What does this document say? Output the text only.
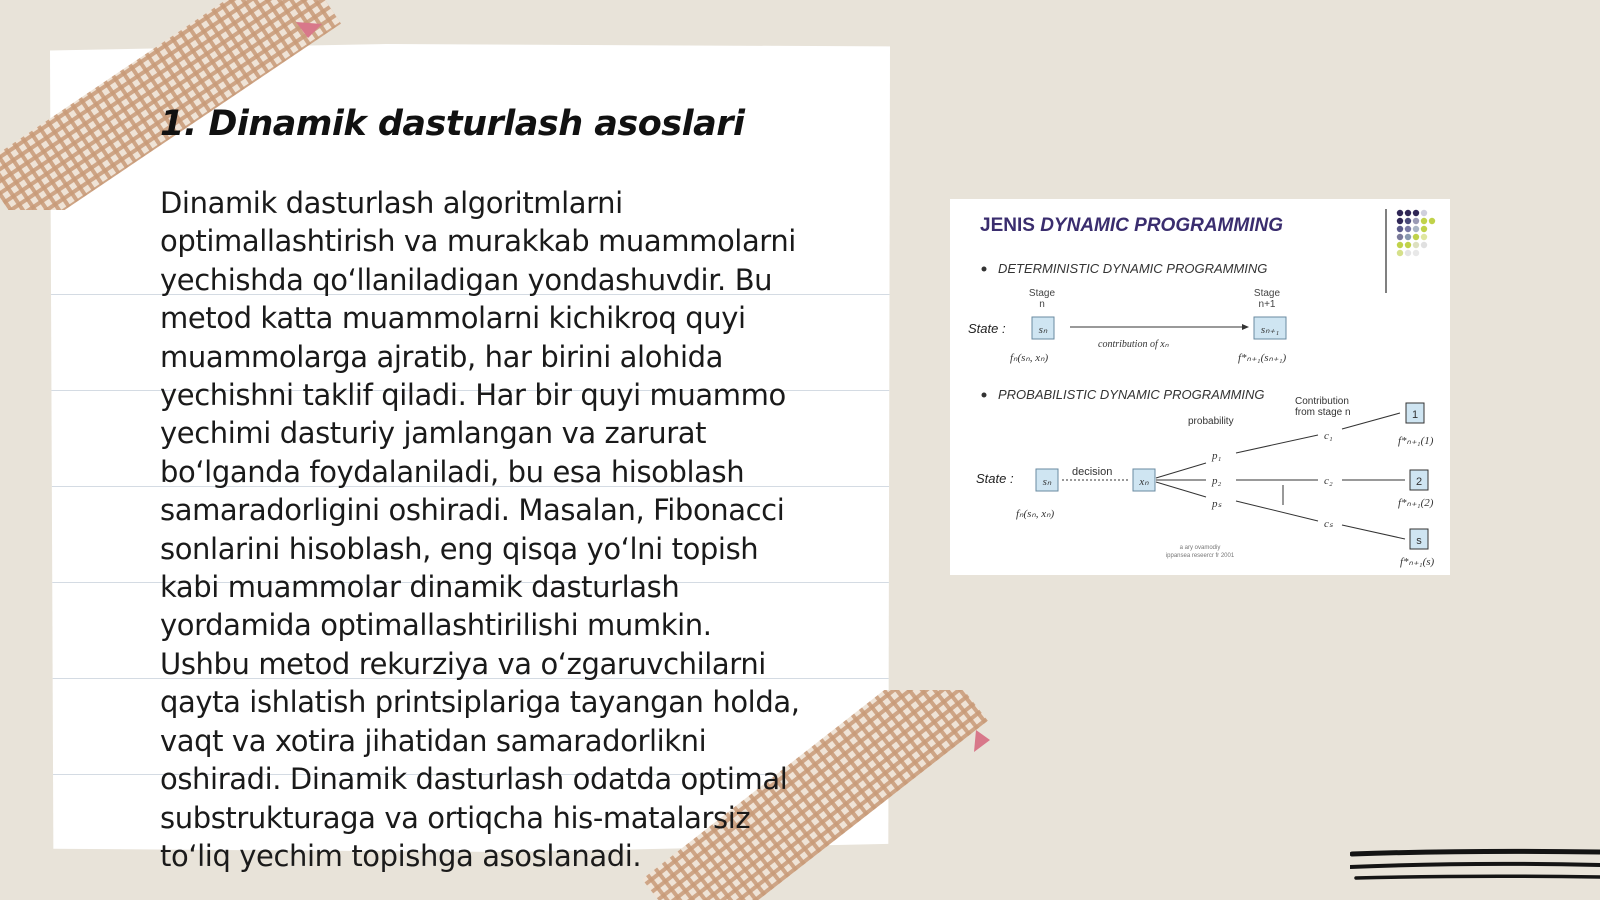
1. Dinamik dasturlash asoslari
Dinamik dasturlash algoritmlarni
optimallashtirish va murakkab muammolarni
yechishda qo‘llaniladigan yondashuvdir. Bu
metod katta muammolarni kichikroq quyi
muammolarga ajratib, har birini alohida
yechishni taklif qiladi. Har bir quyi muammo
yechimi dasturiy jamlangan va zarurat
bo‘lganda foydalaniladi, bu esa hisoblash
samaradorligini oshiradi. Masalan, Fibonacci
sonlarini hisoblash, eng qisqa yo‘lni topish
kabi muammolar dinamik dasturlash
yordamida optimallashtirilishi mumkin.
Ushbu metod rekurziya va o‘zgaruvchilarni
qayta ishlatish printsiplariga tayangan holda,
vaqt va xotira jihatidan samaradorlikni
oshiradi. Dinamik dasturlash odatda optimal
substrukturaga va ortiqcha his-matalarsiz
to‘liq yechim topishga asoslanadi.
JENIS DYNAMIC PROGRAMMING
DETERMINISTIC DYNAMIC PROGRAMMING
Stage
n
Stage
n+1
State :	sₙ	sₙ₊₁
contribution of xₙ
fₙ(sₙ, xₙ)	f*ₙ₊₁(sₙ₊₁)
PROBABILISTIC DYNAMIC PROGRAMMING	Contribution
from stage n
probability
State :	sₙ
decision
xₙ
p₁
p₂
pₛ
c₁
c₂
cₛ
1
2
s
f*ₙ₊₁(1)
f*ₙ₊₁(2)
f*ₙ₊₁(s)
fₙ(sₙ, xₙ)
a ary ovamodiy
ippansea reseercr fr 2001
